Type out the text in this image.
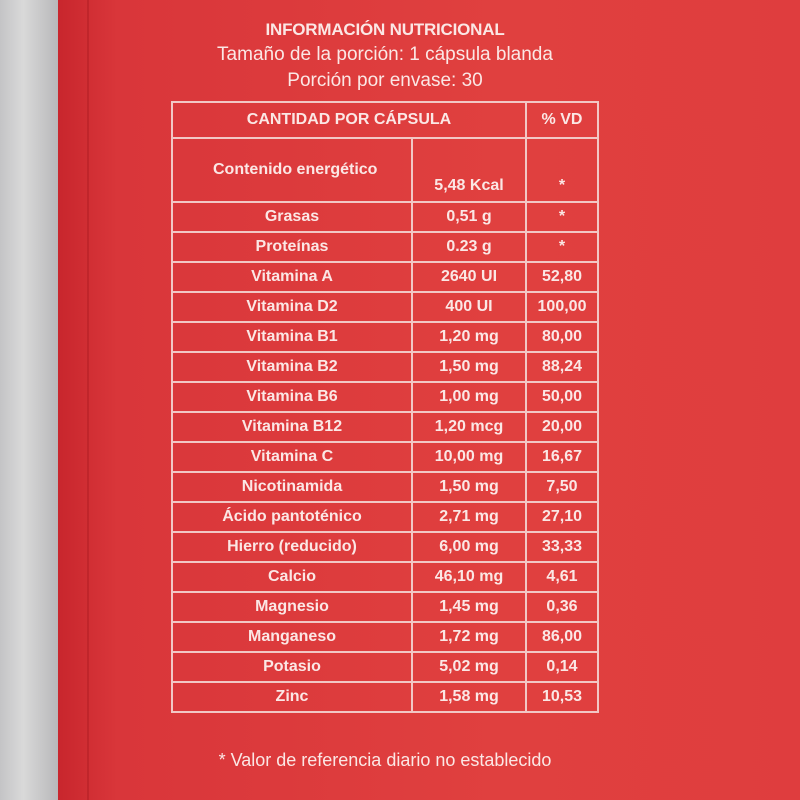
INFORMACIÓN NUTRICIONAL
Tamaño de la porción: 1 cápsula blanda
Porción por envase: 30
CANTIDAD POR CÁPSULA		% VD
Contenido energético	5,48 Kcal	*
Grasas	0,51 g	*
Proteínas	0.23 g	*
Vitamina A	2640 UI	52,80
Vitamina D2	400 UI	100,00
Vitamina B1	1,20 mg	80,00
Vitamina B2	1,50 mg	88,24
Vitamina B6	1,00 mg	50,00
Vitamina B12	1,20 mcg	20,00
Vitamina C	10,00 mg	16,67
Nicotinamida	1,50 mg	7,50
Ácido pantoténico	2,71 mg	27,10
Hierro (reducido)	6,00 mg	33,33
Calcio	46,10 mg	4,61
Magnesio	1,45 mg	0,36
Manganeso	1,72 mg	86,00
Potasio	5,02 mg	0,14
Zinc	1,58 mg	10,53
* Valor de referencia diario no establecido
